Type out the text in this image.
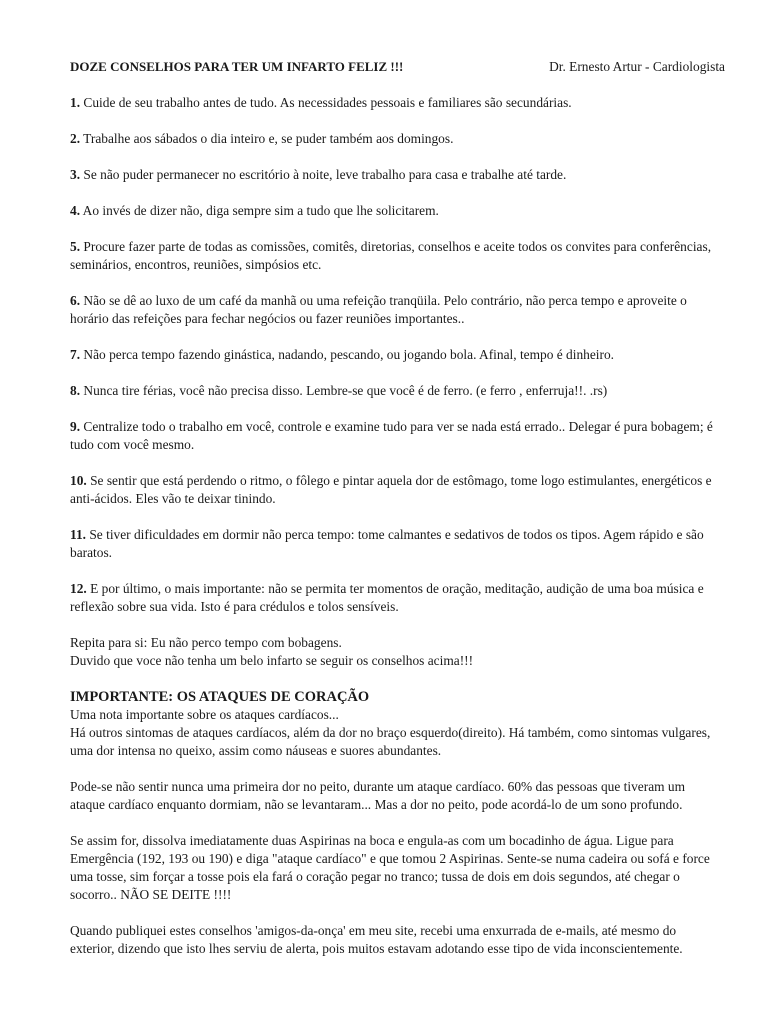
DOZE CONSELHOS PARA TER UM INFARTO FELIZ !!!	Dr. Ernesto Artur - Cardiologista

1. Cuide de seu trabalho antes de tudo. As necessidades pessoais e familiares são secundárias.

2. Trabalhe aos sábados o dia inteiro e, se puder também aos domingos.

3. Se não puder permanecer no escritório à noite, leve trabalho para casa e trabalhe até tarde.

4. Ao invés de dizer não, diga sempre sim a tudo que lhe solicitarem.

5. Procure fazer parte de todas as comissões, comitês, diretorias, conselhos e aceite todos os convites para conferências, seminários, encontros, reuniões, simpósios etc.

6. Não se dê ao luxo de um café da manhã ou uma refeição tranqüila. Pelo contrário, não perca tempo e aproveite o horário das refeições para fechar negócios ou fazer reuniões importantes..

7. Não perca tempo fazendo ginástica, nadando, pescando, ou jogando bola. Afinal, tempo é dinheiro.

8. Nunca tire férias, você não precisa disso. Lembre-se que você é de ferro. (e ferro , enferruja!!. .rs)

9. Centralize todo o trabalho em você, controle e examine tudo para ver se nada está errado.. Delegar é pura bobagem; é tudo com você mesmo.

10. Se sentir que está perdendo o ritmo, o fôlego e pintar aquela dor de estômago, tome logo estimulantes, energéticos e anti-ácidos. Eles vão te deixar tinindo.

11. Se tiver dificuldades em dormir não perca tempo: tome calmantes e sedativos de todos os tipos. Agem rápido e são baratos.

12. E por último, o mais importante: não se permita ter momentos de oração, meditação, audição de uma boa música e reflexão sobre sua vida. Isto é para crédulos e tolos sensíveis.

Repita para si: Eu não perco tempo com bobagens.
Duvido que voce não tenha um belo infarto se seguir os conselhos acima!!!

IMPORTANTE: OS ATAQUES DE CORAÇÃO

Uma nota importante sobre os ataques cardíacos...
Há outros sintomas de ataques cardíacos, além da dor no braço esquerdo(direito). Há também, como sintomas vulgares, uma dor intensa no queixo, assim como náuseas e suores abundantes.

Pode-se não sentir nunca uma primeira dor no peito, durante um ataque cardíaco. 60% das pessoas que tiveram um ataque cardíaco enquanto dormiam, não se levantaram... Mas a dor no peito, pode acordá-lo de um sono profundo.

Se assim for, dissolva imediatamente duas Aspirinas na boca e engula-as com um bocadinho de água. Ligue para Emergência (192, 193 ou 190) e diga "ataque cardíaco" e que tomou 2 Aspirinas. Sente-se numa cadeira ou sofá e force uma tosse, sim forçar a tosse pois ela fará o coração pegar no tranco; tussa de dois em dois segundos, até chegar o socorro.. NÃO SE DEITE !!!!

Quando publiquei estes conselhos 'amigos-da-onça' em meu site, recebi uma enxurrada de e-mails, até mesmo do exterior, dizendo que isto lhes serviu de alerta, pois muitos estavam adotando esse tipo de vida inconscientemente.
